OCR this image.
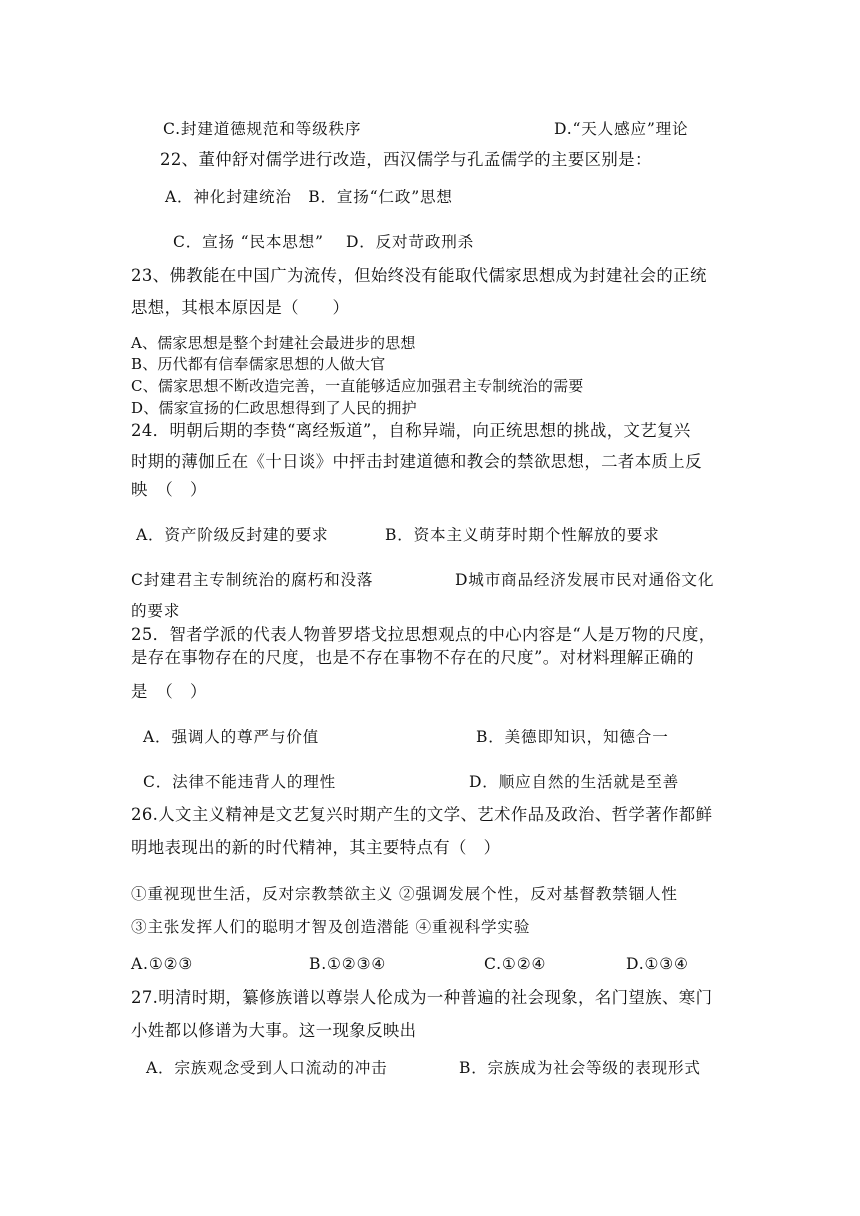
C.封建道德规范和等级秩序	D.“天人感应”理论
22、董仲舒对儒学进行改造，西汉儒学与孔孟儒学的主要区别是：
A．神化封建统治　B．宣扬“仁政”思想
C．宣扬 “民本思想”　 D．反对苛政刑杀
23、佛教能在中国广为流传，但始终没有能取代儒家思想成为封建社会的正统
思想，其根本原因是（　　）
A、儒家思想是整个封建社会最进步的思想
B、历代都有信奉儒家思想的人做大官
C、儒家思想不断改造完善，一直能够适应加强君主专制统治的需要
D、儒家宣扬的仁政思想得到了人民的拥护
24．明朝后期的李贽“离经叛道”，自称异端，向正统思想的挑战，文艺复兴
时期的薄伽丘在《十日谈》中抨击封建道德和教会的禁欲思想，二者本质上反
映　（　）
A．资产阶级反封建的要求	B．资本主义萌芽时期个性解放的要求
C封建君主专制统治的腐朽和没落	D城市商品经济发展市民对通俗文化
的要求
25．智者学派的代表人物普罗塔戈拉思想观点的中心内容是“人是万物的尺度，
是存在事物存在的尺度，也是不存在事物不存在的尺度”。对材料理解正确的
是　（　）
A．强调人的尊严与价值	B．美德即知识，知德合一
C．法律不能违背人的理性	D．顺应自然的生活就是至善
26.人文主义精神是文艺复兴时期产生的文学、艺术作品及政治、哲学著作都鲜
明地表现出的新的时代精神，其主要特点有（　）
①重视现世生活，反对宗教禁欲主义 ②强调发展个性，反对基督教禁锢人性
③主张发挥人们的聪明才智及创造潜能 ④重视科学实验
A.①②③	B.①②③④	C.①②④	D.①③④
27.明清时期，纂修族谱以尊崇人伦成为一种普遍的社会现象，名门望族、寒门
小姓都以修谱为大事。这一现象反映出
A．宗族观念受到人口流动的冲击	B．宗族成为社会等级的表现形式
